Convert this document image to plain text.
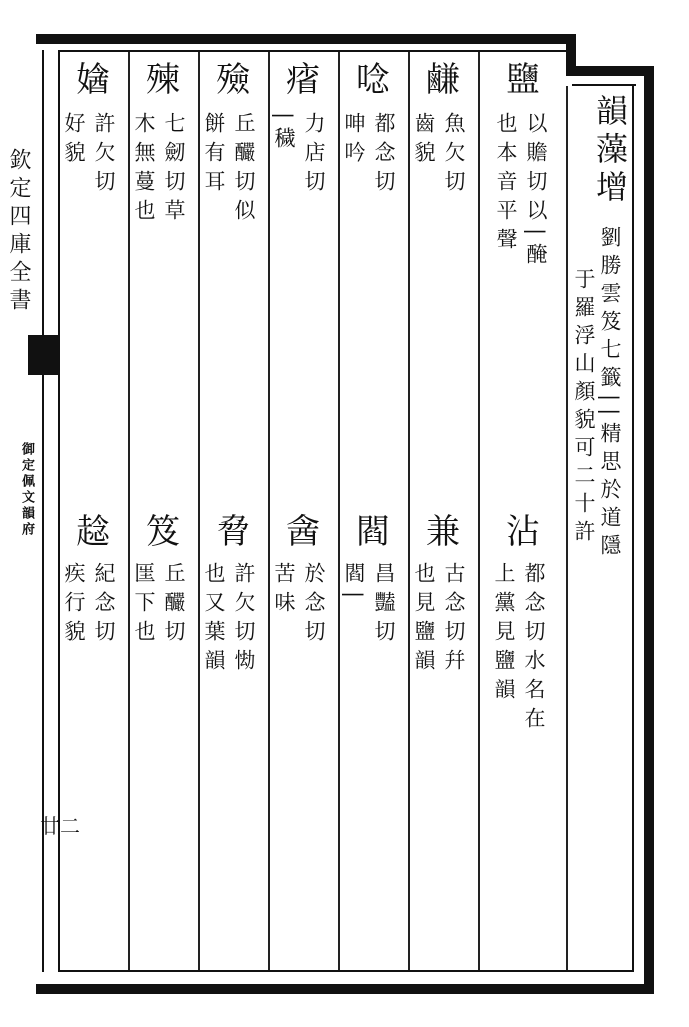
欽定四庫全書
御定佩文韻府
廿二
韻藻增
劉勝雲笈七籤||精思於道隱
于羅浮山顏貌可二十許
鹽
以贍切以|醃
也本音平聲
鹻
魚欠切
齒貌
唸
都念切
呻吟
㾪
力店切
|穢
殮
丘釅切似
餅有耳
㱫
七劒切草
木無蔓也
㜝
許欠切
好貌
沾
都念切水名在
上黨見鹽韻
兼
古念切幷
也見鹽韻
閻
昌豔切
閻|
酓
於念切
苦味
脅
許欠切㤼
也又葉韻
笈
丘釅切
匩下也
趝
紀念切
疾行貌
